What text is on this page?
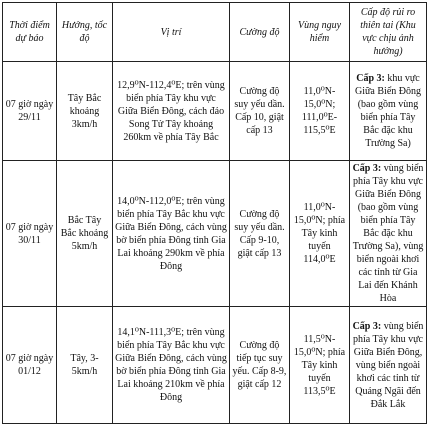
Thời điểm dự báo	Hướng, tốc độ	Vị trí	Cường độ	Vùng nguy hiểm	Cấp độ rủi ro thiên tai (Khu vực chịu ảnh hưởng)
07 giờ ngày 29/11	Tây Bắc khoảng 3km/h	12,9⁰N-112,4⁰E; trên vùng biển phía Tây khu vực Giữa Biển Đông, cách đảo Song Tử Tây khoảng 260km về phía Tây Bắc	Cường độ suy yếu dần. Cấp 10, giật cấp 13	11,0⁰N-15,0⁰N; 111,0⁰E-115,5⁰E	Cấp 3: khu vực Giữa Biển Đông (bao gồm vùng biển phía Tây Bắc đặc khu Trường Sa)
07 giờ ngày 30/11	Bắc Tây Bắc khoảng 5km/h	14,0⁰N-112,0⁰E; trên vùng biển phía Tây Bắc khu vực Giữa Biển Đông, cách vùng bờ biển phía Đông tỉnh Gia Lai khoảng 290km về phía Đông	Cường độ suy yếu dần. Cấp 9-10, giật cấp 13	11,0⁰N-15,0⁰N; phía Tây kinh tuyến 114,0⁰E	Cấp 3: vùng biển phía Tây khu vực Giữa Biển Đông (bao gồm vùng biển phía Tây Bắc đặc khu Trường Sa), vùng biển ngoài khơi các tỉnh từ Gia Lai đến Khánh Hòa
07 giờ ngày 01/12	Tây, 3-5km/h	14,1⁰N-111,3⁰E; trên vùng biển phía Tây Bắc khu vực Giữa Biển Đông, cách vùng bờ biển phía Đông tỉnh Gia Lai khoảng 210km về phía Đông	Cường độ tiếp tục suy yếu. Cấp 8-9, giật cấp 12	11,5⁰N-15,0⁰N; phía Tây kinh tuyến 113,5⁰E	Cấp 3: vùng biển phía Tây khu vực Giữa Biển Đông, vùng biển ngoài khơi các tỉnh từ Quảng Ngãi đến Đắk Lắk
